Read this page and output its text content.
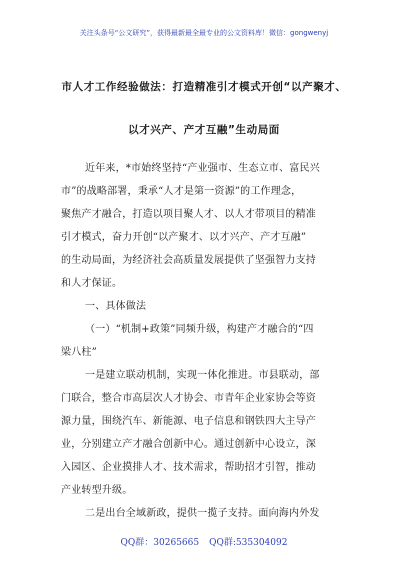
关注头条号“公文研究”，获得最新最全最专业的公文资料库！微信：gongwenyj
市人才工作经验做法：打造精准引才模式开创“以产聚才、
以才兴产、产才互融”生动局面
近年来，*市始终坚持“产业强市、生态立市、富民兴
市”的战略部署，秉承“人才是第一资源”的工作理念，
聚焦产才融合，打造以项目聚人才、以人才带项目的精准
引才模式，奋力开创“以产聚才、以才兴产、产才互融”
的生动局面，为经济社会高质量发展提供了坚强智力支持
和人才保证。
一、具体做法
（一）“机制+政策”同频升级，构建产才融合的“四
梁八柱”
一是建立联动机制，实现一体化推进。市县联动，部
门联合，整合市高层次人才协会、市青年企业家协会等资
源力量，围绕汽车、新能源、电子信息和钢铁四大主导产
业，分别建立产才融合创新中心。通过创新中心设立，深
入园区、企业摸排人才、技术需求，帮助招才引智，推动
产业转型升级。
二是出台全域新政，提供一揽子支持。面向海内外发
QQ群：30265665 QQ群:535304092
